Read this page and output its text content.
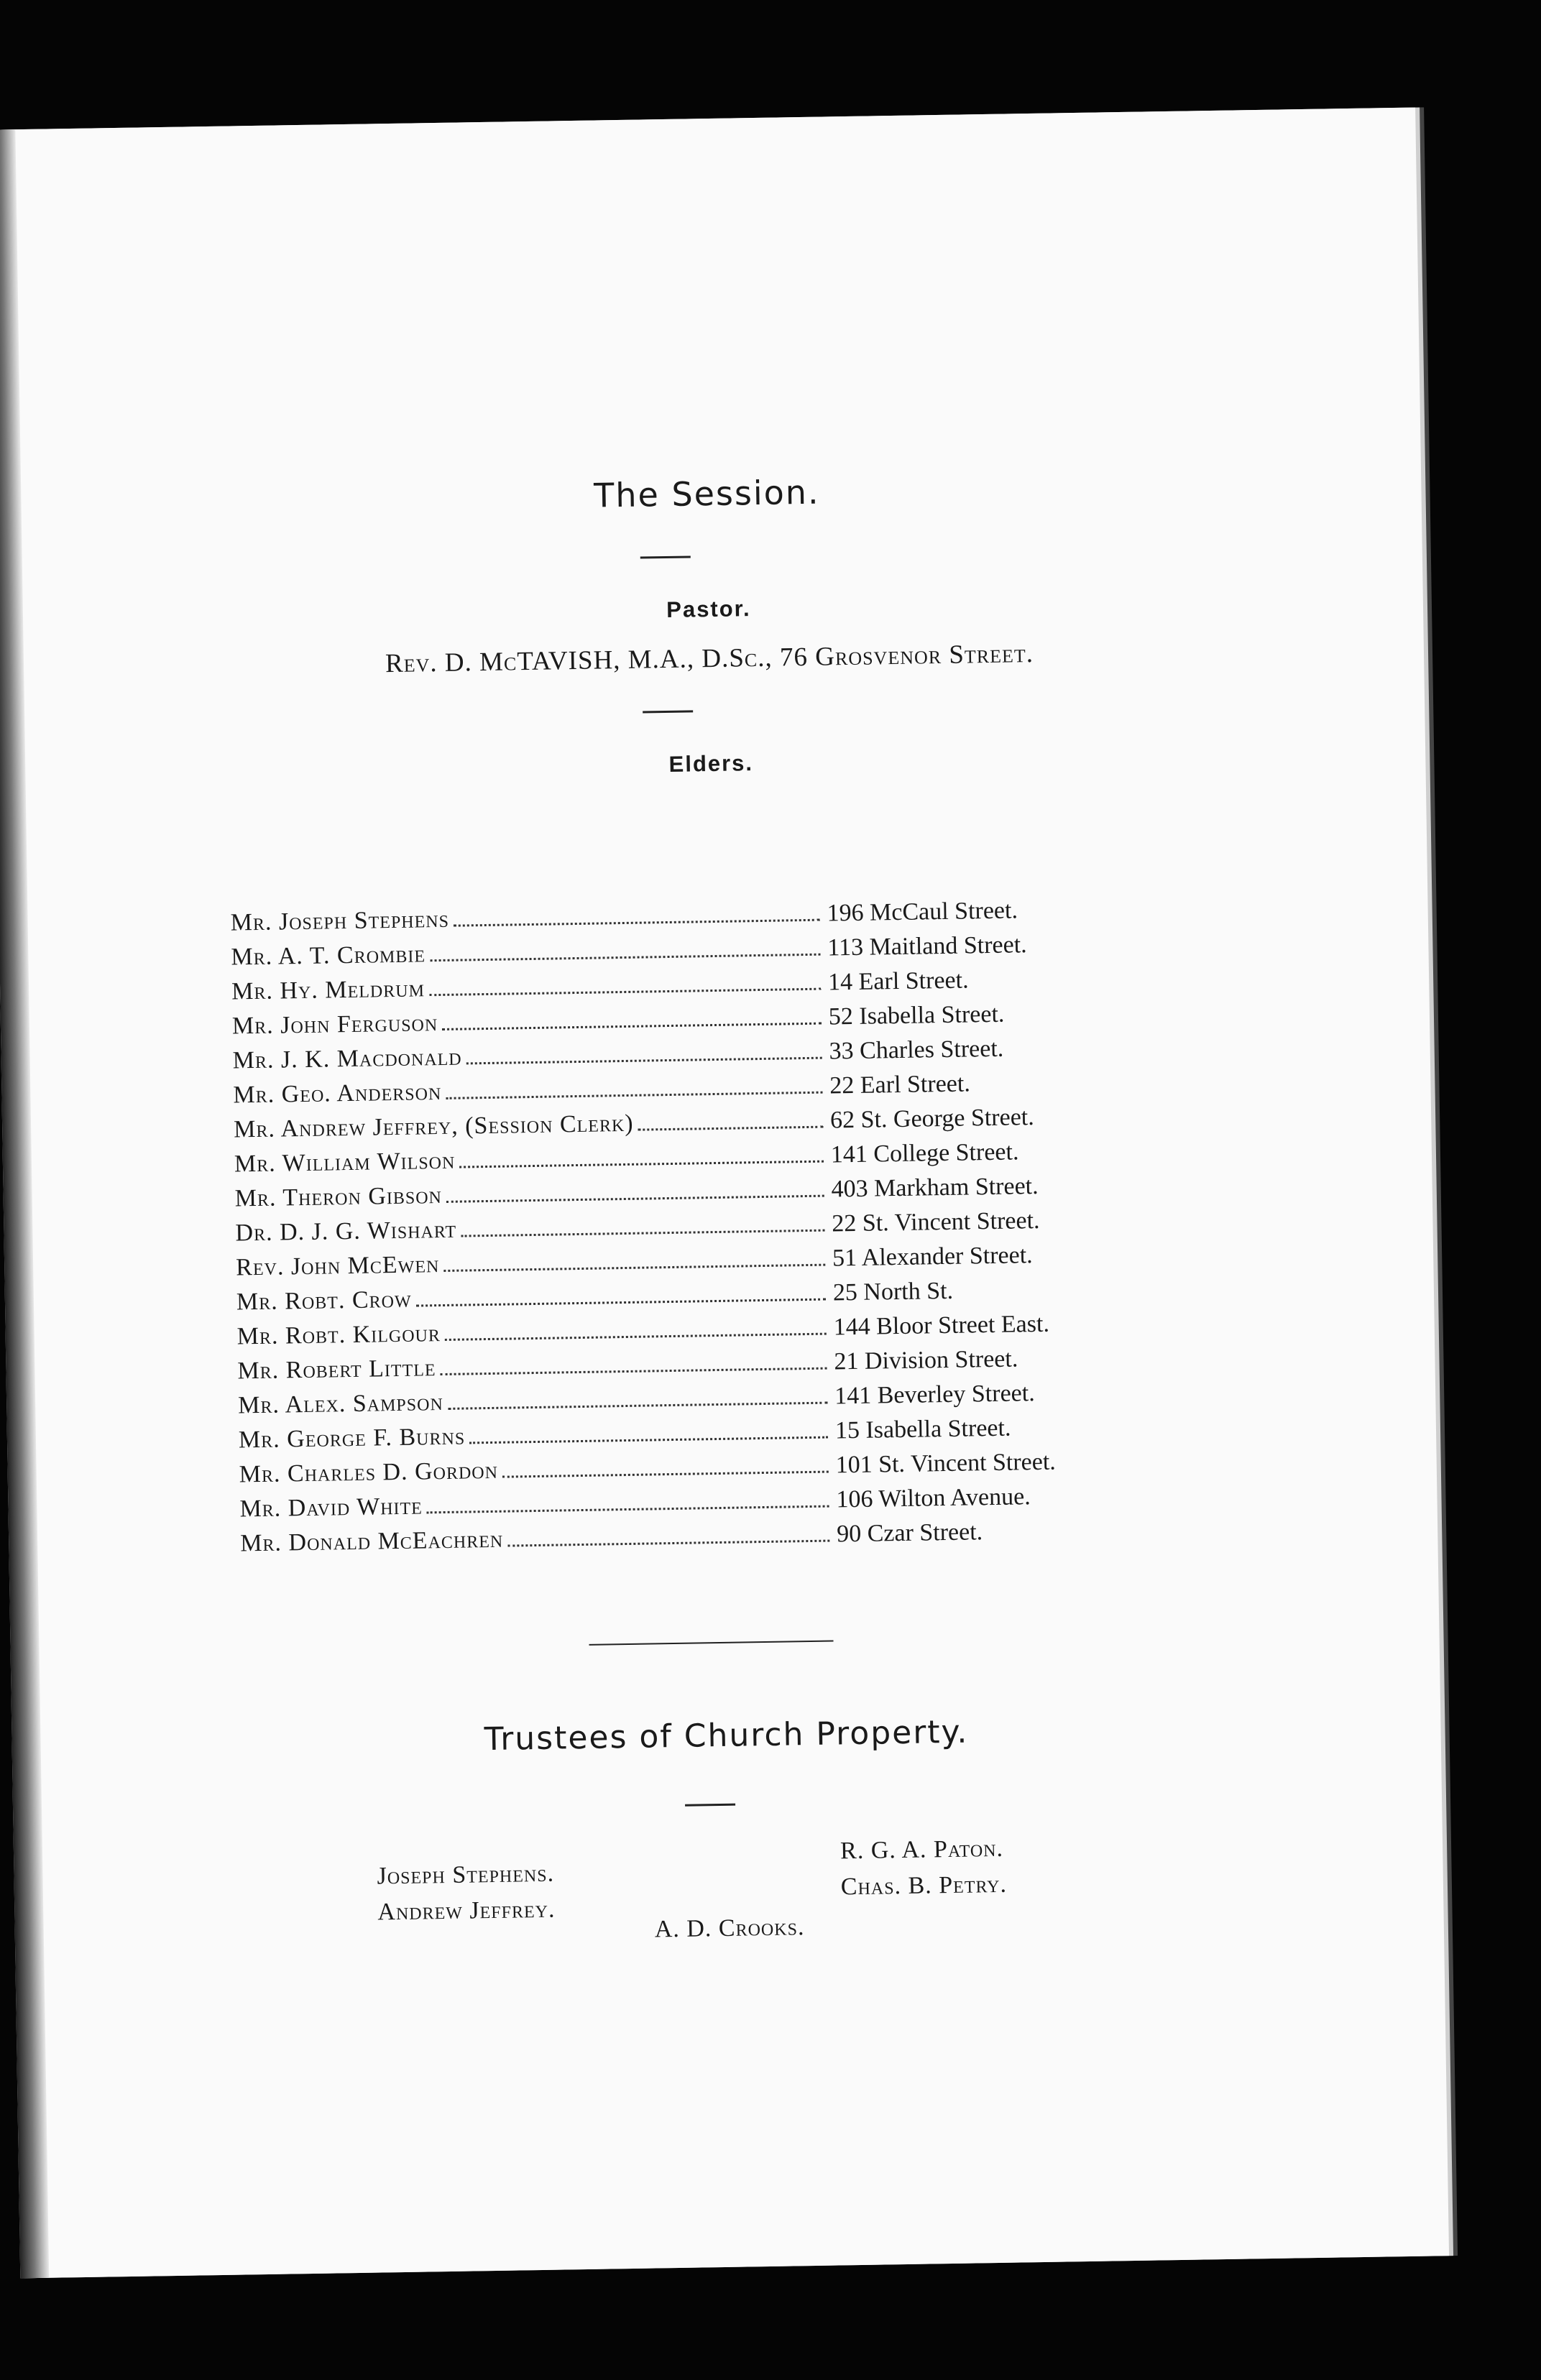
The Session.
Pastor.
Rev. D. McTAVISH, M.A., D.Sc., 76 Grosvenor Street.
Elders.
Mr. Joseph Stephens	196 McCaul Street.

Mr. A. T. Crombie	113 Maitland Street.

Mr. Hy. Meldrum	14 Earl Street.

Mr. John Ferguson	52 Isabella Street.

Mr. J. K. Macdonald	33 Charles Street.

Mr. Geo. Anderson	22 Earl Street.

Mr. Andrew Jeffrey, (Session Clerk)	62 St. George Street.

Mr. William Wilson	141 College Street.

Mr. Theron Gibson	403 Markham Street.

Dr. D. J. G. Wishart	22 St. Vincent Street.

Rev. John McEwen	51 Alexander Street.

Mr. Robt. Crow	25 North St.

Mr. Robt. Kilgour	144 Bloor Street East.

Mr. Robert Little	21 Division Street.

Mr. Alex. Sampson	141 Beverley Street.

Mr. George F. Burns	15 Isabella Street.

Mr. Charles D. Gordon	101 St. Vincent Street.

Mr. David White	106 Wilton Avenue.

Mr. Donald McEachren	90 Czar Street.
Trustees of Church Property.
Joseph Stephens.
Andrew Jeffrey.
R. G. A. Paton.
Chas. B. Petry.
A. D. Crooks.
